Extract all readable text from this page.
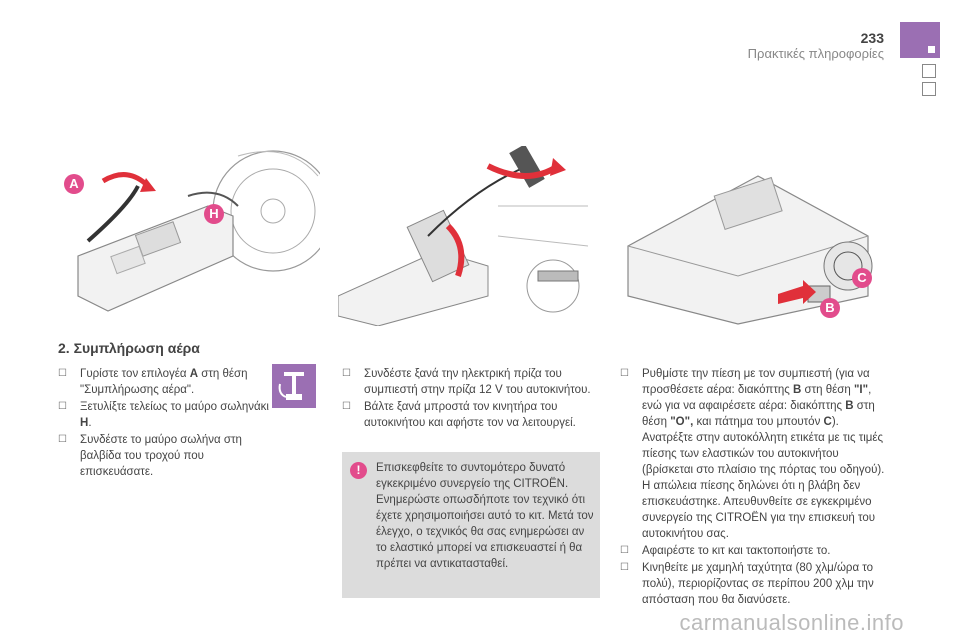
233
Πρακτικές πληροφορίες
A
H
C
B
2. Συμπλήρωση αέρα
☐ Γυρίστε τον επιλογέα A στη θέση "Συμπλήρωσης αέρα".
☐ Ξετυλίξτε τελείως το μαύρο σωληνάκι H.
☐ Συνδέστε το μαύρο σωλήνα στη βαλβίδα του τροχού που επισκευάσατε.
☐ Συνδέστε ξανά την ηλεκτρική πρίζα του συμπιεστή στην πρίζα 12 V του αυτοκινήτου.
☐ Βάλτε ξανά μπροστά τον κινητήρα του αυτοκινήτου και αφήστε τον να λειτουργεί.
!	Επισκεφθείτε το συντομότερο δυνατό εγκεκριμένο συνεργείο της CITROËN. Ενημερώστε οπωσδήποτε τον τεχνικό ότι έχετε χρησιμοποιήσει αυτό το κιτ. Μετά τον έλεγχο, ο τεχνικός θα σας ενημερώσει αν το ελαστικό μπορεί να επισκευαστεί ή θα πρέπει να αντικατασταθεί.
☐ Ρυθμίστε την πίεση με τον συμπιεστή (για να προσθέσετε αέρα: διακόπτης B στη θέση "I", ενώ για να αφαιρέσετε αέρα: διακόπτης B στη θέση "O", και πάτημα του μπουτόν C). Ανατρέξτε στην αυτοκόλλητη ετικέτα με τις τιμές πίεσης των ελαστικών του αυτοκινήτου (βρίσκεται στο πλαίσιο της πόρτας του οδηγού).
Η απώλεια πίεσης δηλώνει ότι η βλάβη δεν επισκευάστηκε. Απευθυνθείτε σε εγκεκριμένο συνεργείο της CITROËN για την επισκευή του αυτοκινήτου σας.
☐ Αφαιρέστε το κιτ και τακτοποιήστε το.
☐ Κινηθείτε με χαμηλή ταχύτητα (80 χλμ/ώρα το πολύ), περιορίζοντας σε περίπου 200 χλμ την απόσταση που θα διανύσετε.
carmanualsonline.info
